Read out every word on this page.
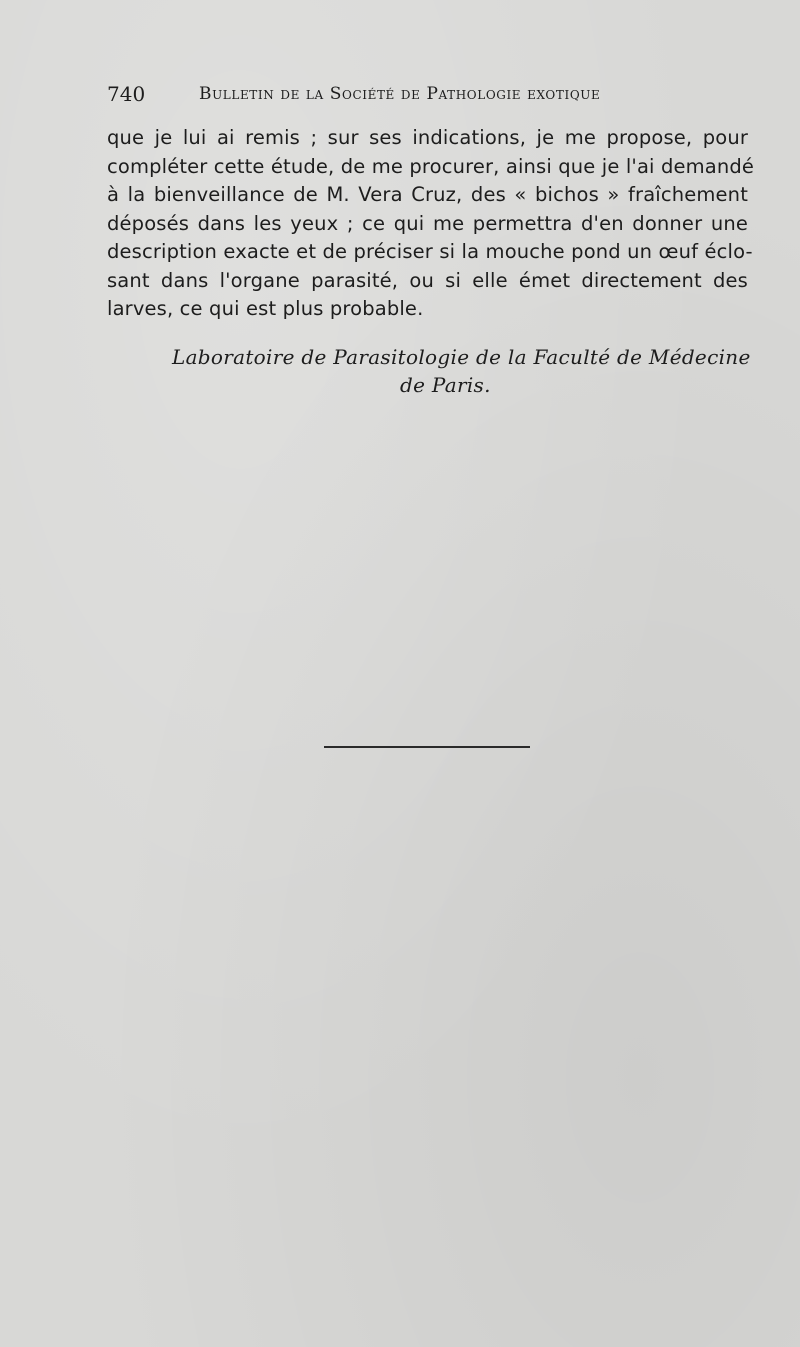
740	Bulletin de la Société de Pathologie exotique
que je lui ai remis ; sur ses indications, je me propose, pour
compléter cette étude, de me procurer, ainsi que je l'ai demandé
à la bienveillance de M. Vera Cruz, des « bichos » fraîchement
déposés dans les yeux ; ce qui me permettra d'en donner une
description exacte et de préciser si la mouche pond un œuf éclo-
sant dans l'organe parasité, ou si elle émet directement des
larves, ce qui est plus probable.
Laboratoire de Parasitologie de la Faculté de Médecine
de Paris.
